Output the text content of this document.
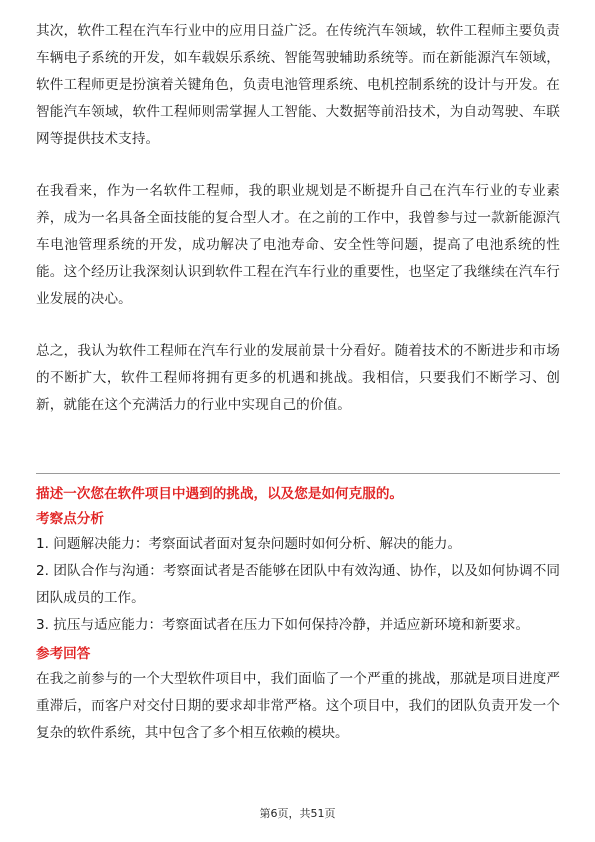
其次，软件工程在汽车行业中的应用日益广泛。在传统汽车领域，软件工程师主要负责车辆电子系统的开发，如车载娱乐系统、智能驾驶辅助系统等。而在新能源汽车领域，软件工程师更是扮演着关键角色，负责电池管理系统、电机控制系统的设计与开发。在智能汽车领域，软件工程师则需掌握人工智能、大数据等前沿技术，为自动驾驶、车联网等提供技术支持。

在我看来，作为一名软件工程师，我的职业规划是不断提升自己在汽车行业的专业素养，成为一名具备全面技能的复合型人才。在之前的工作中，我曾参与过一款新能源汽车电池管理系统的开发，成功解决了电池寿命、安全性等问题，提高了电池系统的性能。这个经历让我深刻认识到软件工程在汽车行业的重要性，也坚定了我继续在汽车行业发展的决心。

总之，我认为软件工程师在汽车行业的发展前景十分看好。随着技术的不断进步和市场的不断扩大，软件工程师将拥有更多的机遇和挑战。我相信，只要我们不断学习、创新，就能在这个充满活力的行业中实现自己的价值。

描述一次您在软件项目中遇到的挑战，以及您是如何克服的。

考察点分析

1. 问题解决能力：考察面试者面对复杂问题时如何分析、解决的能力。
2. 团队合作与沟通：考察面试者是否能够在团队中有效沟通、协作，以及如何协调不同团队成员的工作。
3. 抗压与适应能力：考察面试者在压力下如何保持冷静，并适应新环境和新要求。

参考回答

在我之前参与的一个大型软件项目中，我们面临了一个严重的挑战，那就是项目进度严重滞后，而客户对交付日期的要求却非常严格。这个项目中，我们的团队负责开发一个复杂的软件系统，其中包含了多个相互依赖的模块。

第6页，共51页
